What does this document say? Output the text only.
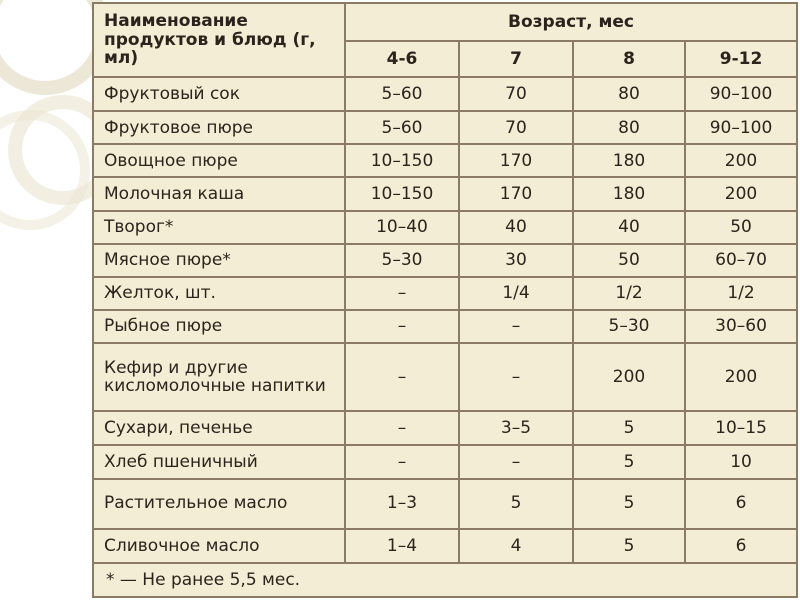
Наименование продуктов и блюд (г, мл)	Возраст, мес			
	4-6	7	8	9-12
Фруктовый сок	5–60	70	80	90–100
Фруктовое пюре	5–60	70	80	90–100
Овощное пюре	10–150	170	180	200
Молочная каша	10–150	170	180	200
Творог*	10–40	40	40	50
Мясное пюре*	5–30	30	50	60–70
Желток, шт.	–	1/4	1/2	1/2
Рыбное пюре	–	–	5–30	30–60
Кефир и другие кисломолочные напитки	–	–	200	200
Сухари, печенье	–	3–5	5	10–15
Хлеб пшеничный	–	–	5	10
Растительное масло	1–3	5	5	6
Сливочное масло	1–4	4	5	6
* — Не ранее 5,5 мес.				
